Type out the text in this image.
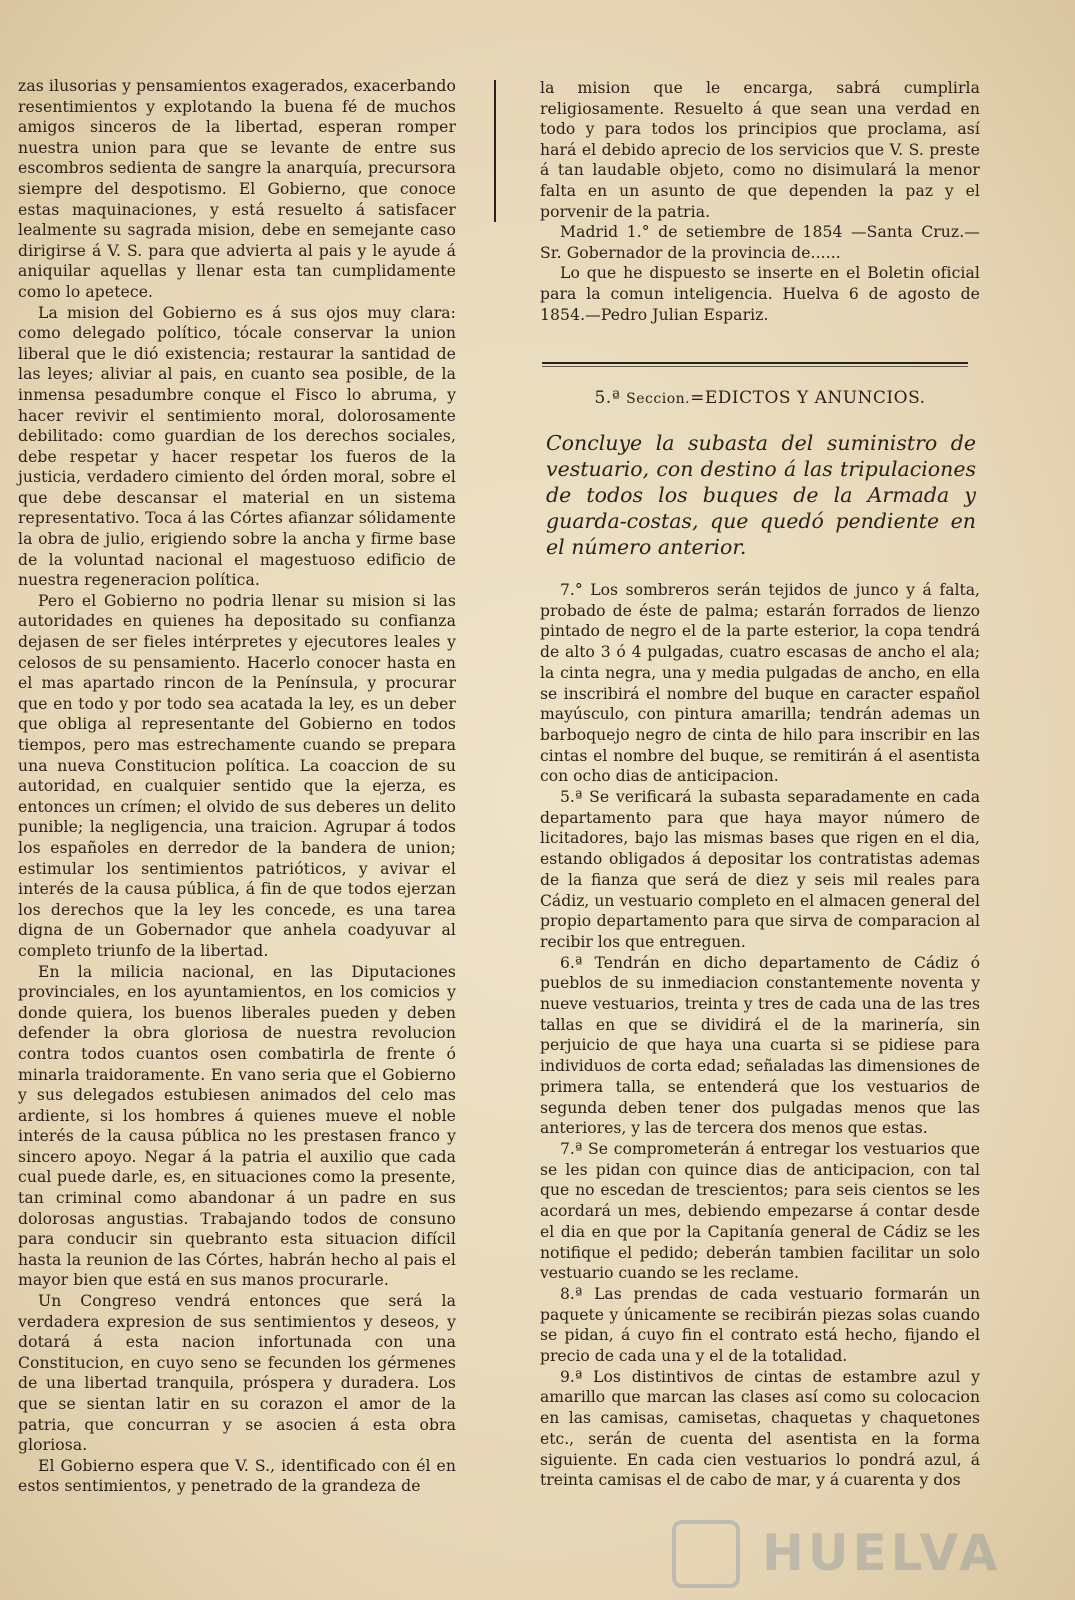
zas ilusorias y pensamientos exagerados, exacerbando resentimientos y explotando la buena fé de muchos amigos sinceros de la libertad, esperan romper nuestra union para que se levante de entre sus escombros sedienta de sangre la anarquía, precursora siempre del despotismo. El Gobierno, que conoce estas maquinaciones, y está resuelto á satisfacer lealmente su sagrada mision, debe en semejante caso dirigirse á V. S. para que advierta al pais y le ayude á aniquilar aquellas y llenar esta tan cumplidamente como lo apetece.

La mision del Gobierno es á sus ojos muy clara: como delegado político, tócale conservar la union liberal que le dió existencia; restaurar la santidad de las leyes; aliviar al pais, en cuanto sea posible, de la inmensa pesadumbre conque el Fisco lo abruma, y hacer revivir el sentimiento moral, dolorosamente debilitado: como guardian de los derechos sociales, debe respetar y hacer respetar los fueros de la justicia, verdadero cimiento del órden moral, sobre el que debe descansar el material en un sistema representativo. Toca á las Córtes afianzar sólidamente la obra de julio, erigiendo sobre la ancha y firme base de la voluntad nacional el magestuoso edificio de nuestra regeneracion política.

Pero el Gobierno no podria llenar su mision si las autoridades en quienes ha depositado su confianza dejasen de ser fieles intérpretes y ejecutores leales y celosos de su pensamiento. Hacerlo conocer hasta en el mas apartado rincon de la Península, y procurar que en todo y por todo sea acatada la ley, es un deber que obliga al representante del Gobierno en todos tiempos, pero mas estrechamente cuando se prepara una nueva Constitucion política. La coaccion de su autoridad, en cualquier sentido que la ejerza, es entonces un crímen; el olvido de sus deberes un delito punible; la negligencia, una traicion. Agrupar á todos los españoles en derredor de la bandera de union; estimular los sentimientos patrióticos, y avivar el interés de la causa pública, á fin de que todos ejerzan los derechos que la ley les concede, es una tarea digna de un Gobernador que anhela coadyuvar al completo triunfo de la libertad.

En la milicia nacional, en las Diputaciones provinciales, en los ayuntamientos, en los comicios y donde quiera, los buenos liberales pueden y deben defender la obra gloriosa de nuestra revolucion contra todos cuantos osen combatirla de frente ó minarla traidoramente. En vano seria que el Gobierno y sus delegados estubiesen animados del celo mas ardiente, si los hombres á quienes mueve el noble interés de la causa pública no les prestasen franco y sincero apoyo. Negar á la patria el auxilio que cada cual puede darle, es, en situaciones como la presente, tan criminal como abandonar á un padre en sus dolorosas angustias. Trabajando todos de consuno para conducir sin quebranto esta situacion difícil hasta la reunion de las Córtes, habrán hecho al pais el mayor bien que está en sus manos procurarle.

Un Congreso vendrá entonces que será la verdadera expresion de sus sentimientos y deseos, y dotará á esta nacion infortunada con una Constitucion, en cuyo seno se fecunden los gérmenes de una libertad tranquila, próspera y duradera. Los que se sientan latir en su corazon el amor de la patria, que concurran y se asocien á esta obra gloriosa.

El Gobierno espera que V. S., identificado con él en estos sentimientos, y penetrado de la grandeza de

la mision que le encarga, sabrá cumplirla religiosamente. Resuelto á que sean una verdad en todo y para todos los principios que proclama, así hará el debido aprecio de los servicios que V. S. preste á tan laudable objeto, como no disimulará la menor falta en un asunto de que dependen la paz y el porvenir de la patria.

Madrid 1.° de setiembre de 1854 —Santa Cruz.— Sr. Gobernador de la provincia de......

Lo que he dispuesto se inserte en el Boletin oficial para la comun inteligencia. Huelva 6 de agosto de 1854.—Pedro Julian Espariz.

5.ª Seccion.=EDICTOS Y ANUNCIOS.
Concluye la subasta del suministro de vestuario, con destino á las tripulaciones de todos los buques de la Armada y guarda-costas, que quedó pendiente en el número anterior.

7.° Los sombreros serán tejidos de junco y á falta, probado de éste de palma; estarán forrados de lienzo pintado de negro el de la parte esterior, la copa tendrá de alto 3 ó 4 pulgadas, cuatro escasas de ancho el ala; la cinta negra, una y media pulgadas de ancho, en ella se inscribirá el nombre del buque en caracter español mayúsculo, con pintura amarilla; tendrán ademas un barboquejo negro de cinta de hilo para inscribir en las cintas el nombre del buque, se remitirán á el asentista con ocho dias de anticipacion.

5.ª Se verificará la subasta separadamente en cada departamento para que haya mayor número de licitadores, bajo las mismas bases que rigen en el dia, estando obligados á depositar los contratistas ademas de la fianza que será de diez y seis mil reales para Cádiz, un vestuario completo en el almacen general del propio departamento para que sirva de comparacion al recibir los que entreguen.

6.ª Tendrán en dicho departamento de Cádiz ó pueblos de su inmediacion constantemente noventa y nueve vestuarios, treinta y tres de cada una de las tres tallas en que se dividirá el de la marinería, sin perjuicio de que haya una cuarta si se pidiese para individuos de corta edad; señaladas las dimensiones de primera talla, se entenderá que los vestuarios de segunda deben tener dos pulgadas menos que las anteriores, y las de tercera dos menos que estas.

7.ª Se comprometerán á entregar los vestuarios que se les pidan con quince dias de anticipacion, con tal que no escedan de trescientos; para seis cientos se les acordará un mes, debiendo empezarse á contar desde el dia en que por la Capitanía general de Cádiz se les notifique el pedido; deberán tambien facilitar un solo vestuario cuando se les reclame.

8.ª Las prendas de cada vestuario formarán un paquete y únicamente se recibirán piezas solas cuando se pidan, á cuyo fin el contrato está hecho, fijando el precio de cada una y el de la totalidad.

9.ª Los distintivos de cintas de estambre azul y amarillo que marcan las clases así como su colocacion en las camisas, camisetas, chaquetas y chaquetones etc., serán de cuenta del asentista en la forma siguiente. En cada cien vestuarios lo pondrá azul, á treinta camisas el de cabo de mar, y á cuarenta y dos

HUELVA
